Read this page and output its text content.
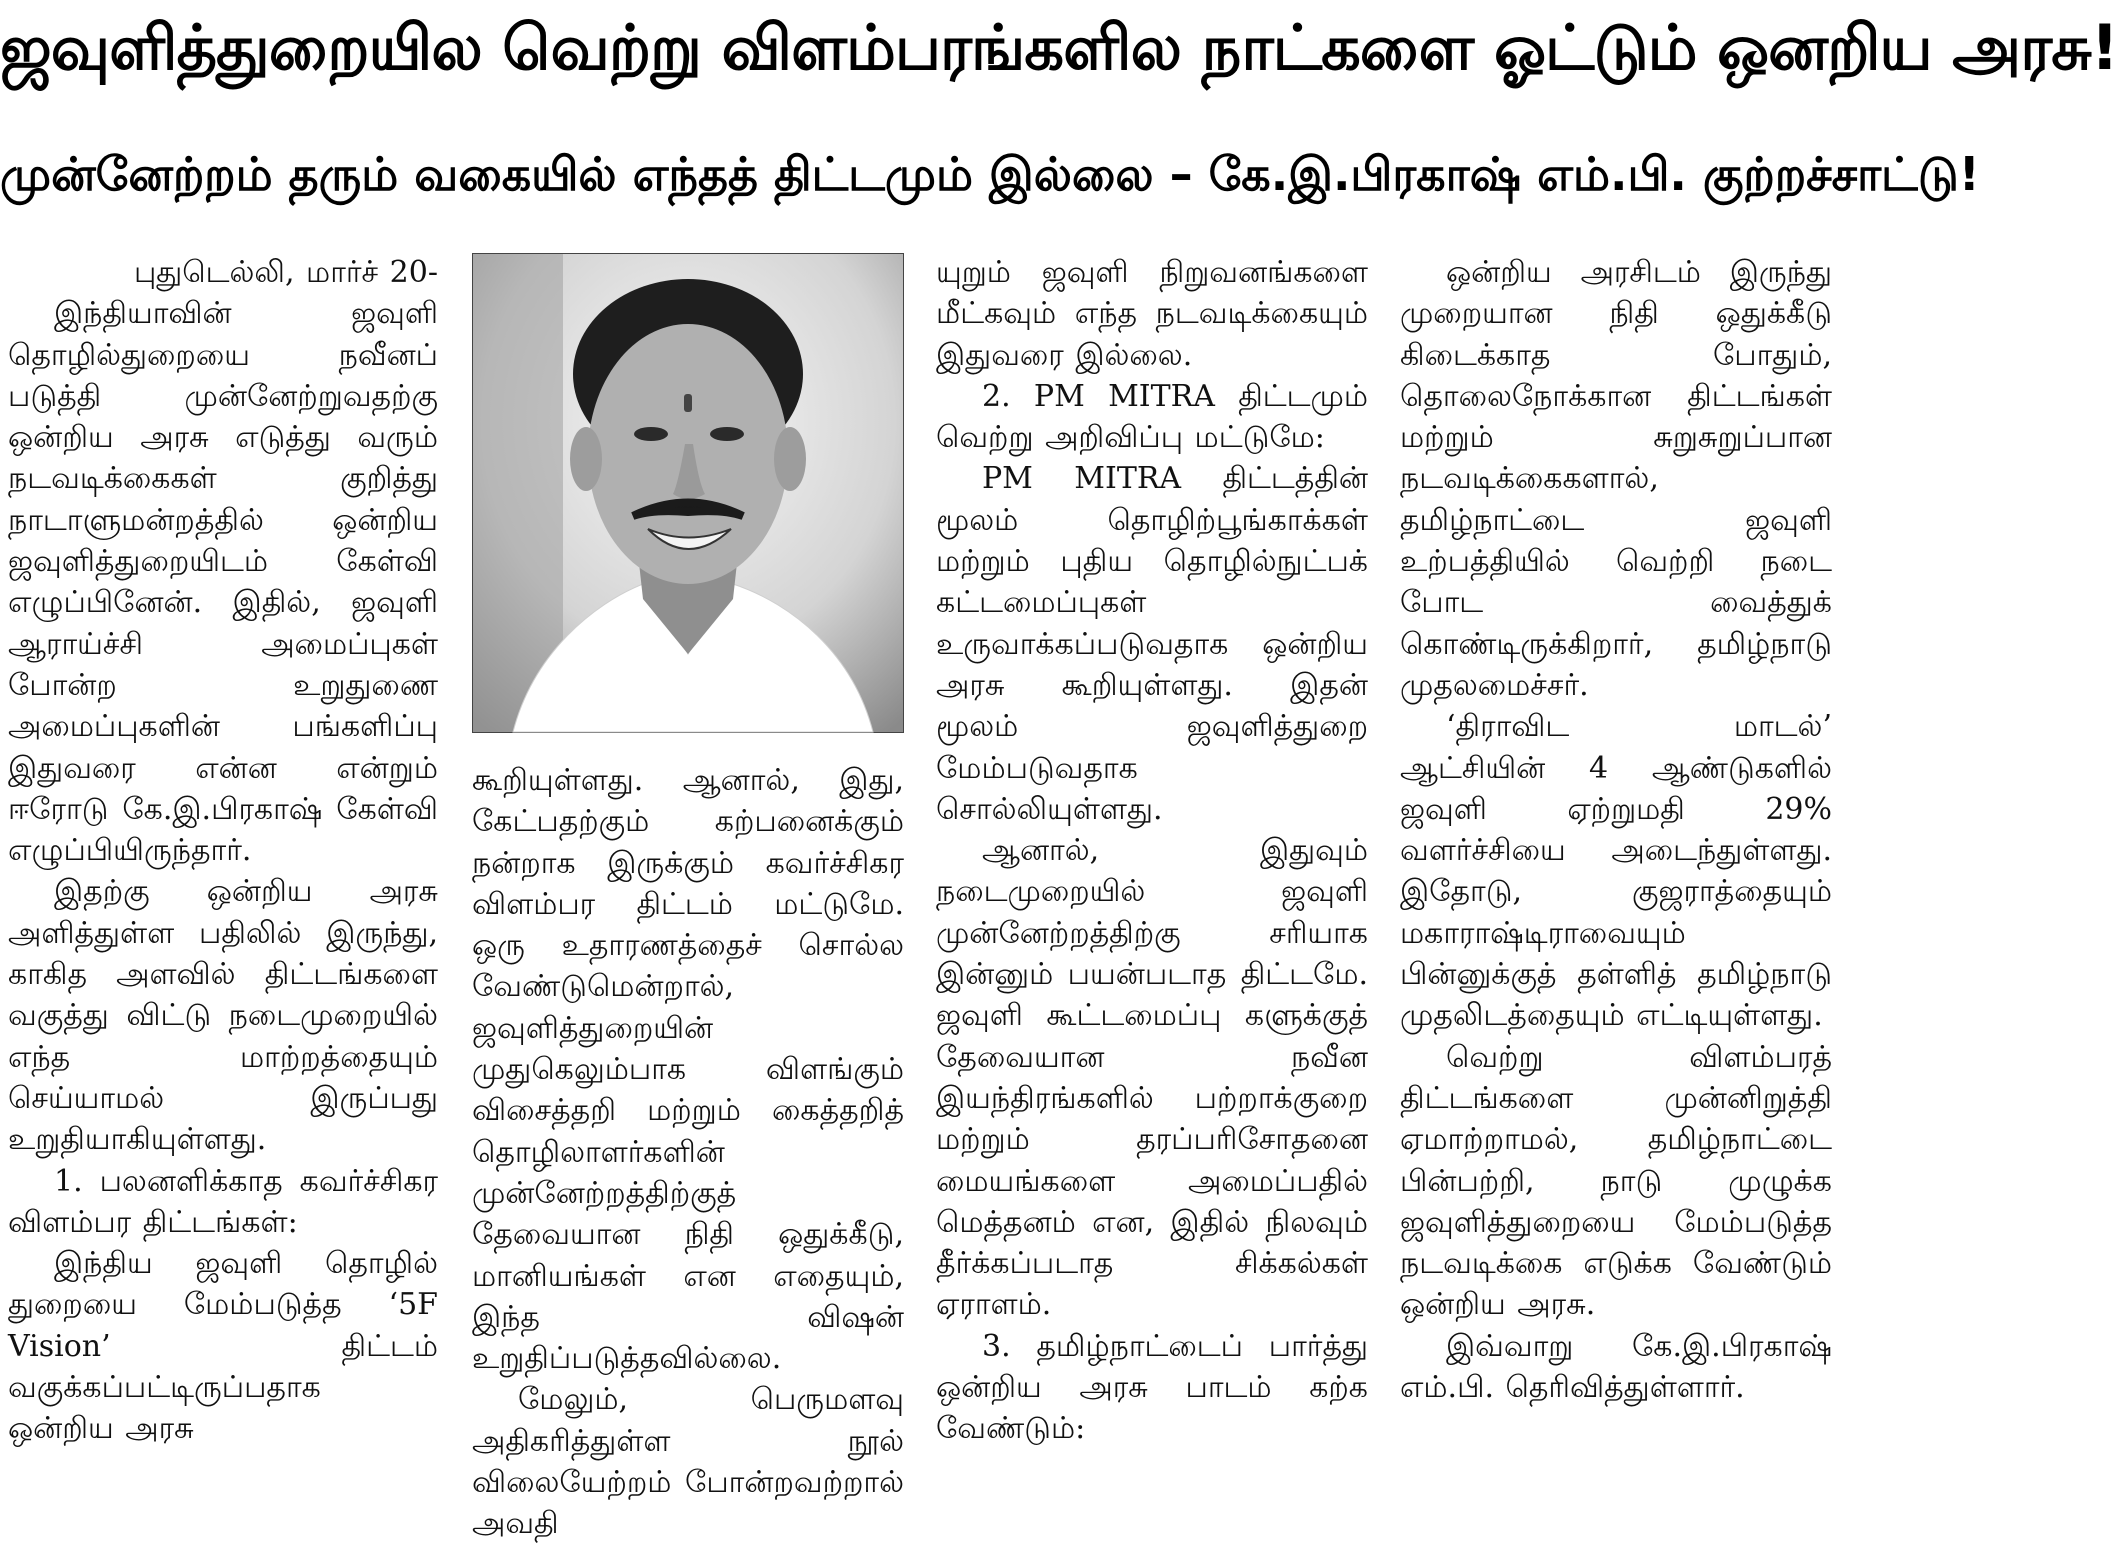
ஜவுளித்துறையில வெற்று விளம்பரங்களில நாட்களை ஓட்டும் ஒனறிய அரசு!
முன்னேற்றம் தரும் வகையில் எந்தத் திட்டமும் இல்லை – கே.இ.பிரகாஷ் எம்.பி. குற்றச்சாட்டு!

புதுடெல்லி, மார்ச் 20-

இந்தியாவின் ஜவுளி தொழில்துறையை நவீனப் படுத்தி முன்னேற்றுவதற்கு ஒன்றிய அரசு எடுத்து வரும் நடவடிக்கைகள் குறித்து நாடாளுமன்றத்தில் ஒன்றிய ஜவுளித்துறையிடம் கேள்வி எழுப்பினேன். இதில், ஜவுளி ஆராய்ச்சி அமைப்புகள் போன்ற உறுதுணை அமைப்புகளின் பங்களிப்பு இதுவரை என்ன என்றும் ஈரோடு கே.இ.பிரகாஷ் கேள்வி எழுப்பியிருந்தார்.

இதற்கு ஒன்றிய அரசு அளித்துள்ள பதிலில் இருந்து, காகித அளவில் திட்டங்களை வகுத்து விட்டு நடைமுறையில் எந்த மாற்றத்தையும் செய்யாமல் இருப்பது உறுதியாகியுள்ளது.

1. பலனளிக்காத கவர்ச்சிகர விளம்பர திட்டங்கள்:

இந்திய ஜவுளி தொழில் துறையை மேம்படுத்த ‘5F Vision’ திட்டம் வகுக்கப்பட்டிருப்பதாக ஒன்றிய அரசு

கூறியுள்ளது. ஆனால், இது, கேட்பதற்கும் கற்பனைக்கும் நன்றாக இருக்கும் கவர்ச்சிகர விளம்பர திட்டம் மட்டுமே. ஒரு உதாரணத்தைச் சொல்ல வேண்டுமென்றால், ஜவுளித்துறையின் முதுகெலும்பாக விளங்கும் விசைத்தறி மற்றும் கைத்தறித் தொழிலாளர்களின் முன்னேற்றத்திற்குத் தேவையான நிதி ஒதுக்கீடு, மானியங்கள் என எதையும், இந்த விஷன் உறுதிப்படுத்தவில்லை.

மேலும், பெருமளவு அதிகரித்துள்ள நூல் விலையேற்றம் போன்றவற்றால் அவதி

யுறும் ஜவுளி நிறுவனங்களை மீட்கவும் எந்த நடவடிக்கையும் இதுவரை இல்லை.

2. PM MITRA திட்டமும் வெற்று அறிவிப்பு மட்டுமே:

PM MITRA திட்டத்தின் மூலம் தொழிற்பூங்காக்கள் மற்றும் புதிய தொழில்நுட்பக் கட்டமைப்புகள் உருவாக்கப்படுவதாக ஒன்றிய அரசு கூறியுள்ளது. இதன் மூலம் ஜவுளித்துறை மேம்படுவதாக சொல்லியுள்ளது.

ஆனால், இதுவும் நடைமுறையில் ஜவுளி முன்னேற்றத்திற்கு சரியாக இன்னும் பயன்படாத திட்டமே. ஜவுளி கூட்டமைப்பு களுக்குத் தேவையான நவீன இயந்திரங்களில் பற்றாக்குறை மற்றும் தரப்பரிசோதனை மையங்களை அமைப்பதில் மெத்தனம் என, இதில் நிலவும் தீர்க்கப்படாத சிக்கல்கள் ஏராளம்.

3. தமிழ்நாட்டைப் பார்த்து ஒன்றிய அரசு பாடம் கற்க வேண்டும்:

ஒன்றிய அரசிடம் இருந்து முறையான நிதி ஒதுக்கீடு கிடைக்காத போதும், தொலைநோக்கான திட்டங்கள் மற்றும் சுறுசுறுப்பான நடவடிக்கைகளால், தமிழ்நாட்டை ஜவுளி உற்பத்தியில் வெற்றி நடை போட வைத்துக் கொண்டிருக்கிறார், தமிழ்நாடு முதலமைச்சர்.

‘திராவிட மாடல்’ ஆட்சியின் 4 ஆண்டுகளில் ஜவுளி ஏற்றுமதி 29% வளர்ச்சியை அடைந்துள்ளது. இதோடு, குஜராத்தையும் மகாராஷ்டிராவையும் பின்னுக்குத் தள்ளித் தமிழ்நாடு முதலிடத்தையும் எட்டியுள்ளது.

வெற்று விளம்பரத் திட்டங்களை முன்னிறுத்தி ஏமாற்றாமல், தமிழ்நாட்டை பின்பற்றி, நாடு முழுக்க ஜவுளித்துறையை மேம்படுத்த நடவடிக்கை எடுக்க வேண்டும் ஒன்றிய அரசு.

இவ்வாறு கே.இ.பிரகாஷ் எம்.பி. தெரிவித்துள்ளார்.
